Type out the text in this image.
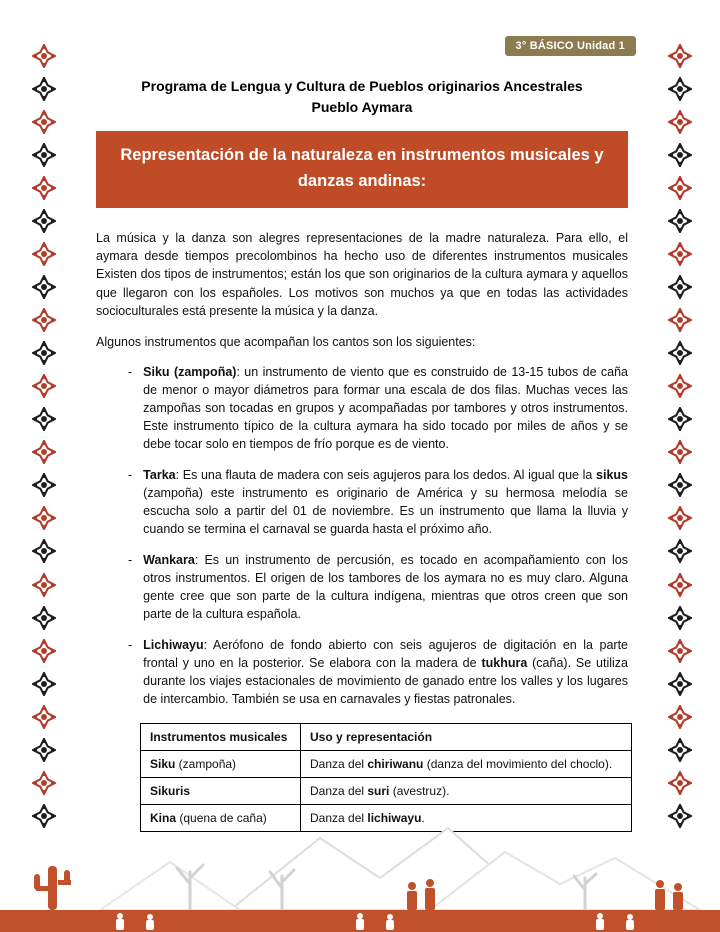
3° BÁSICO Unidad 1
Programa de Lengua y Cultura de Pueblos originarios Ancestrales
Pueblo Aymara
Representación de la naturaleza en instrumentos musicales y danzas andinas:

La música y la danza son alegres representaciones de la madre naturaleza. Para ello, el aymara desde tiempos precolombinos ha hecho uso de diferentes instrumentos musicales Existen dos tipos de instrumentos; están los que son originarios de la cultura aymara y aquellos que llegaron con los españoles. Los motivos son muchos ya que en todas las actividades socioculturales está presente la música y la danza.

Algunos instrumentos que acompañan los cantos son los siguientes:

- Siku (zampoña): un instrumento de viento que es construido de 13-15 tubos de caña de menor o mayor diámetros para formar una escala de dos filas. Muchas veces las zampoñas son tocadas en grupos y acompañadas por tambores y otros instrumentos. Este instrumento típico de la cultura aymara ha sido tocado por miles de años y se debe tocar solo en tiempos de frío porque es de viento.
- Tarka: Es una flauta de madera con seis agujeros para los dedos. Al igual que la sikus (zampoña) este instrumento es originario de América y su hermosa melodía se escucha solo a partir del 01 de noviembre. Es un instrumento que llama la lluvia y cuando se termina el carnaval se guarda hasta el próximo año.
- Wankara: Es un instrumento de percusión, es tocado en acompañamiento con los otros instrumentos. El origen de los tambores de los aymara no es muy claro. Alguna gente cree que son parte de la cultura indígena, mientras que otros creen que son parte de la cultura española.
- Lichiwayu: Aerófono de fondo abierto con seis agujeros de digitación en la parte frontal y uno en la posterior. Se elabora con la madera de tukhura (caña). Se utiliza durante los viajes estacionales de movimiento de ganado entre los valles y los lugares de intercambio. También se usa en carnavales y fiestas patronales.
Instrumentos musicales	Uso y representación
Siku (zampoña)	Danza del chiriwanu (danza del movimiento del choclo).
Sikuris	Danza del suri (avestruz).
Kina (quena de caña)	Danza del lichiwayu.
